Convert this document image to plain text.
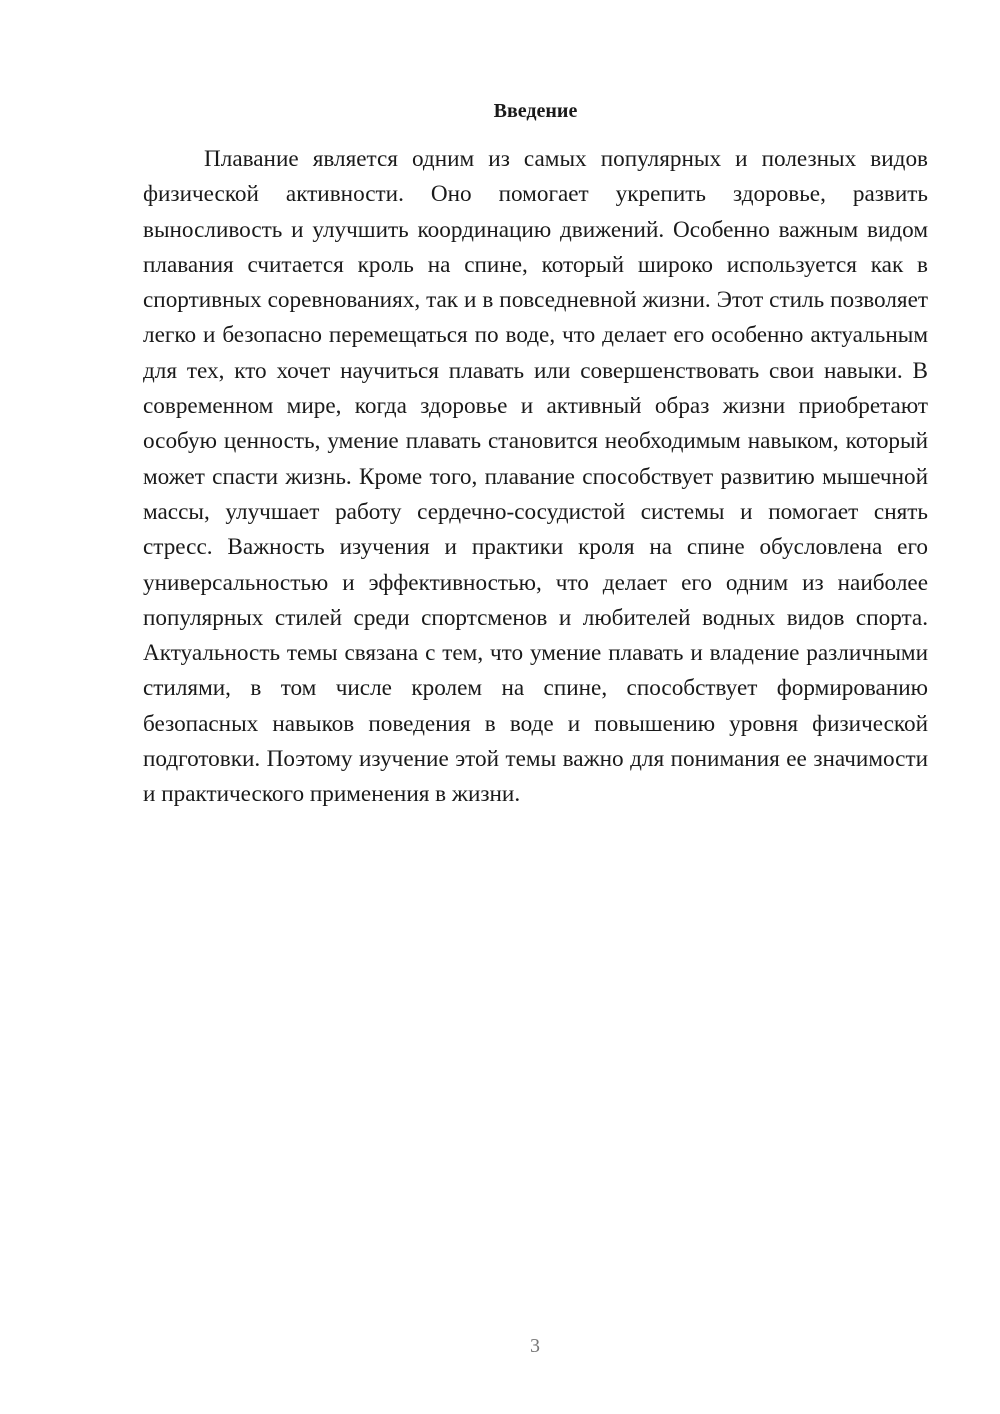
Введение

Плавание является одним из самых популярных и полезных видов физической активности. Оно помогает укрепить здоровье, развить выносливость и улучшить координацию движений. Особенно важным видом плавания считается кроль на спине, который широко используется как в спортивных соревнованиях, так и в повседневной жизни. Этот стиль позволяет легко и безопасно перемещаться по воде, что делает его особенно актуальным для тех, кто хочет научиться плавать или совершенствовать свои навыки. В современном мире, когда здоровье и активный образ жизни приобретают особую ценность, умение плавать становится необходимым навыком, который может спасти жизнь. Кроме того, плавание способствует развитию мышечной массы, улучшает работу сердечно-сосудистой системы и помогает снять стресс. Важность изучения и практики кроля на спине обусловлена его универсальностью и эффективностью, что делает его одним из наиболее популярных стилей среди спортсменов и любителей водных видов спорта. Актуальность темы связана с тем, что умение плавать и владение различными стилями, в том числе кролем на спине, способствует формированию безопасных навыков поведения в воде и повышению уровня физической подготовки. Поэтому изучение этой темы важно для понимания ее значимости и практического применения в жизни.

3
